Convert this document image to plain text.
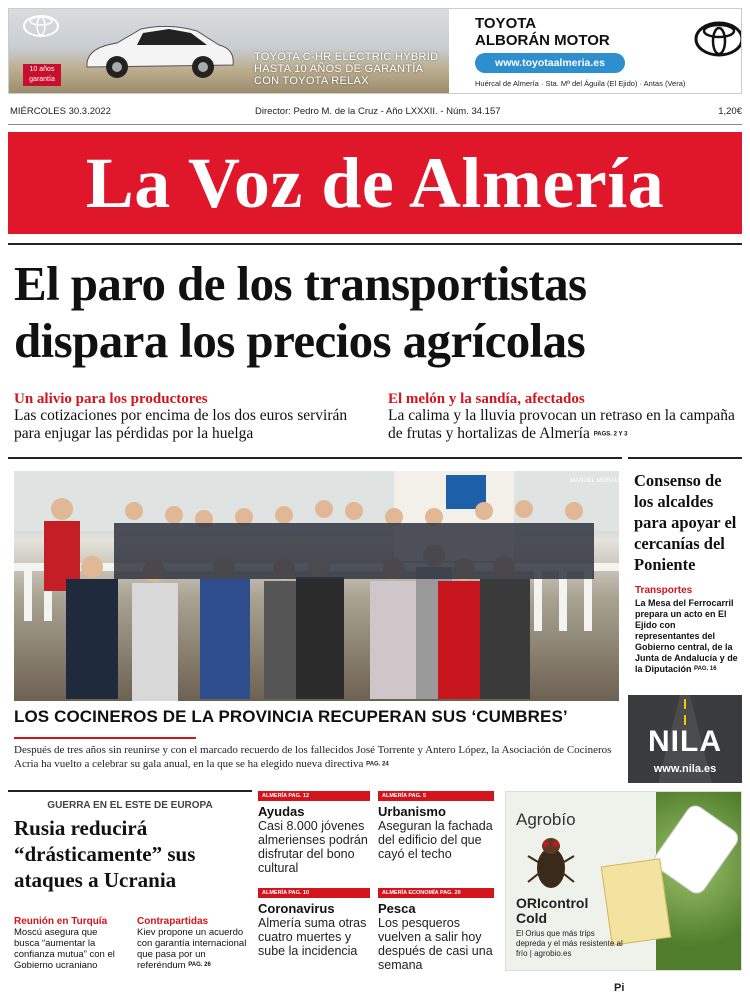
10 años garantía
TOYOTA C-HR ELECTRIC HYBRID
HASTA 10 AÑOS DE GARANTÍA
CON TOYOTA RELAX
TOYOTA
ALBORÁN MOTOR
www.toyotaalmeria.es
Huércal de Almería · Sta. Mª del Águila (El Ejido) · Antas (Vera)
MIÉRCOLES 30.3.2022	Director: Pedro M. de la Cruz - Año LXXXII. - Núm. 34.157	1,20€
La Voz de Almería
El paro de los transportistas dispara los precios agrícolas
Un alivio para los productores
Las cotizaciones por encima de los dos euros servirán para enjugar las pérdidas por la huelga
El melón y la sandía, afectados
La calima y la lluvia provocan un retraso en la campaña de frutas y hortalizas de Almería PAGS. 2 Y 3
MANUEL MORALES
LOS COCINEROS DE LA PROVINCIA RECUPERAN SUS ‘CUMBRES’
Después de tres años sin reunirse y con el marcado recuerdo de los fallecidos José Torrente y Antero López, la Asociación de Cocineros Acria ha vuelto a celebrar su gala anual, en la que se ha elegido nueva directiva PAG. 24
Consenso de los alcaldes para apoyar el cercanías del Poniente
Transportes
La Mesa del Ferrocarril prepara un acto en El Ejido con representantes del Gobierno central, de la Junta de Andalucía y de la Diputación PAG. 16
NILA
www.nila.es
GUERRA EN EL ESTE DE EUROPA
Rusia reducirá “drásticamente” sus ataques a Ucrania
Reunión en Turquía
Moscú asegura que busca “aumentar la confianza mutua” con el Gobierno ucraniano
Contrapartidas
Kiev propone un acuerdo con garantía internacional que pasa por un referéndum PAG. 26
ALMERÍA PAG. 12
Ayudas
Casi 8.000 jóvenes almerienses podrán disfrutar del bono cultural
ALMERÍA PAG. 5
Urbanismo
Aseguran la fachada del edificio del que cayó el techo
ALMERÍA PAG. 10
Coronavirus
Almería suma otras cuatro muertes y sube la incidencia
ALMERÍA ECONOMÍA PAG. 20
Pesca
Los pesqueros vuelven a salir hoy después de casi una semana
Agrobío
ORIcontrol
Cold
El Orius que más trips depreda y el más resistente al frío | agrobio.es
Pi
